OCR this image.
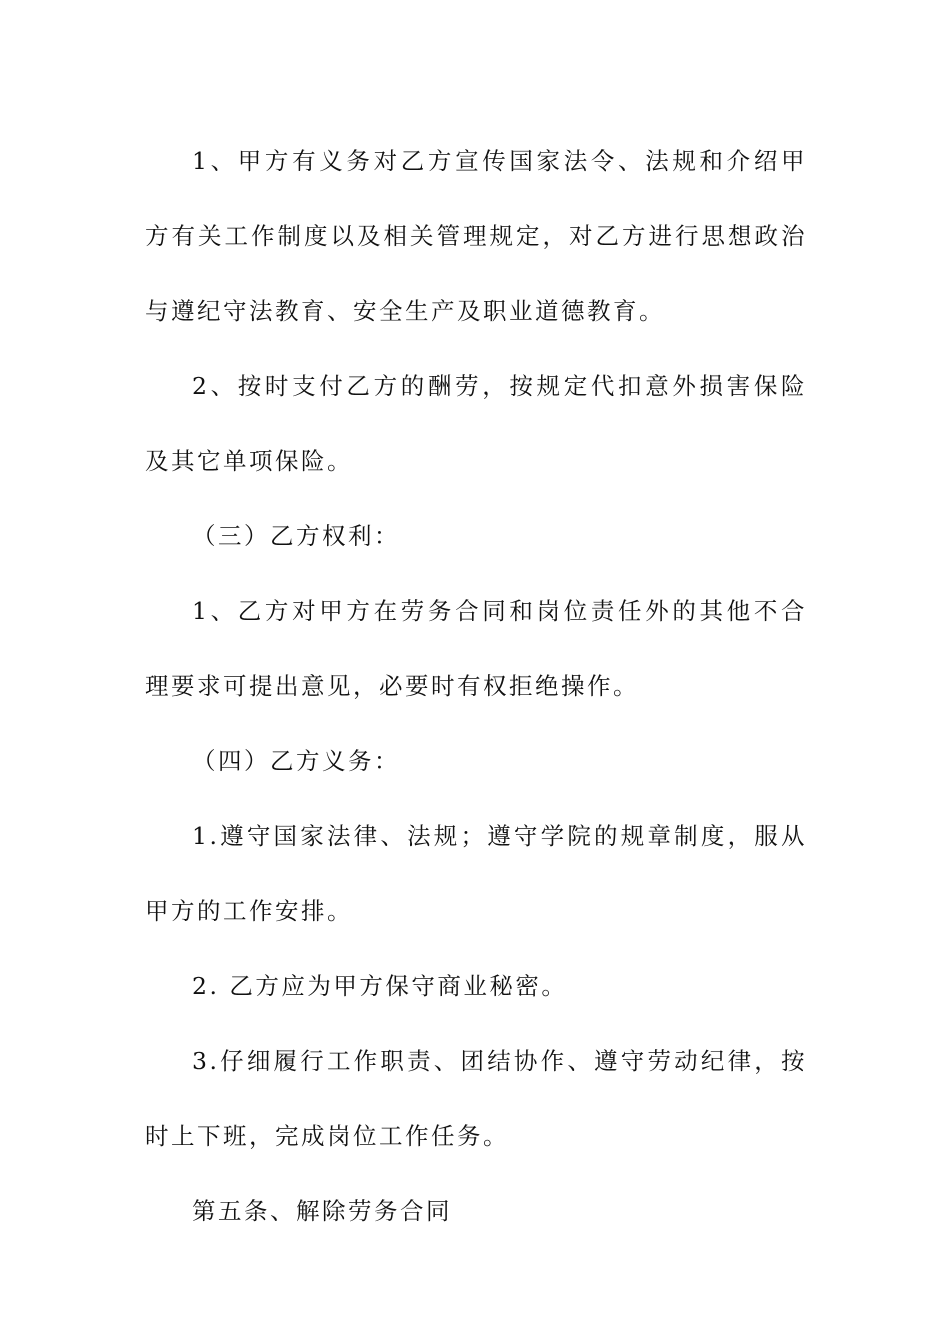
1、甲方有义务对乙方宣传国家法令、法规和介绍甲方有关工作制度以及相关管理规定，对乙方进行思想政治与遵纪守法教育、安全生产及职业道德教育。

2、按时支付乙方的酬劳，按规定代扣意外损害保险及其它单项保险。

（三）乙方权利：

1、乙方对甲方在劳务合同和岗位责任外的其他不合理要求可提出意见，必要时有权拒绝操作。

（四）乙方义务：

1.遵守国家法律、法规；遵守学院的规章制度，服从甲方的工作安排。

2. 乙方应为甲方保守商业秘密。

3.仔细履行工作职责、团结协作、遵守劳动纪律，按时上下班，完成岗位工作任务。

第五条、解除劳务合同
